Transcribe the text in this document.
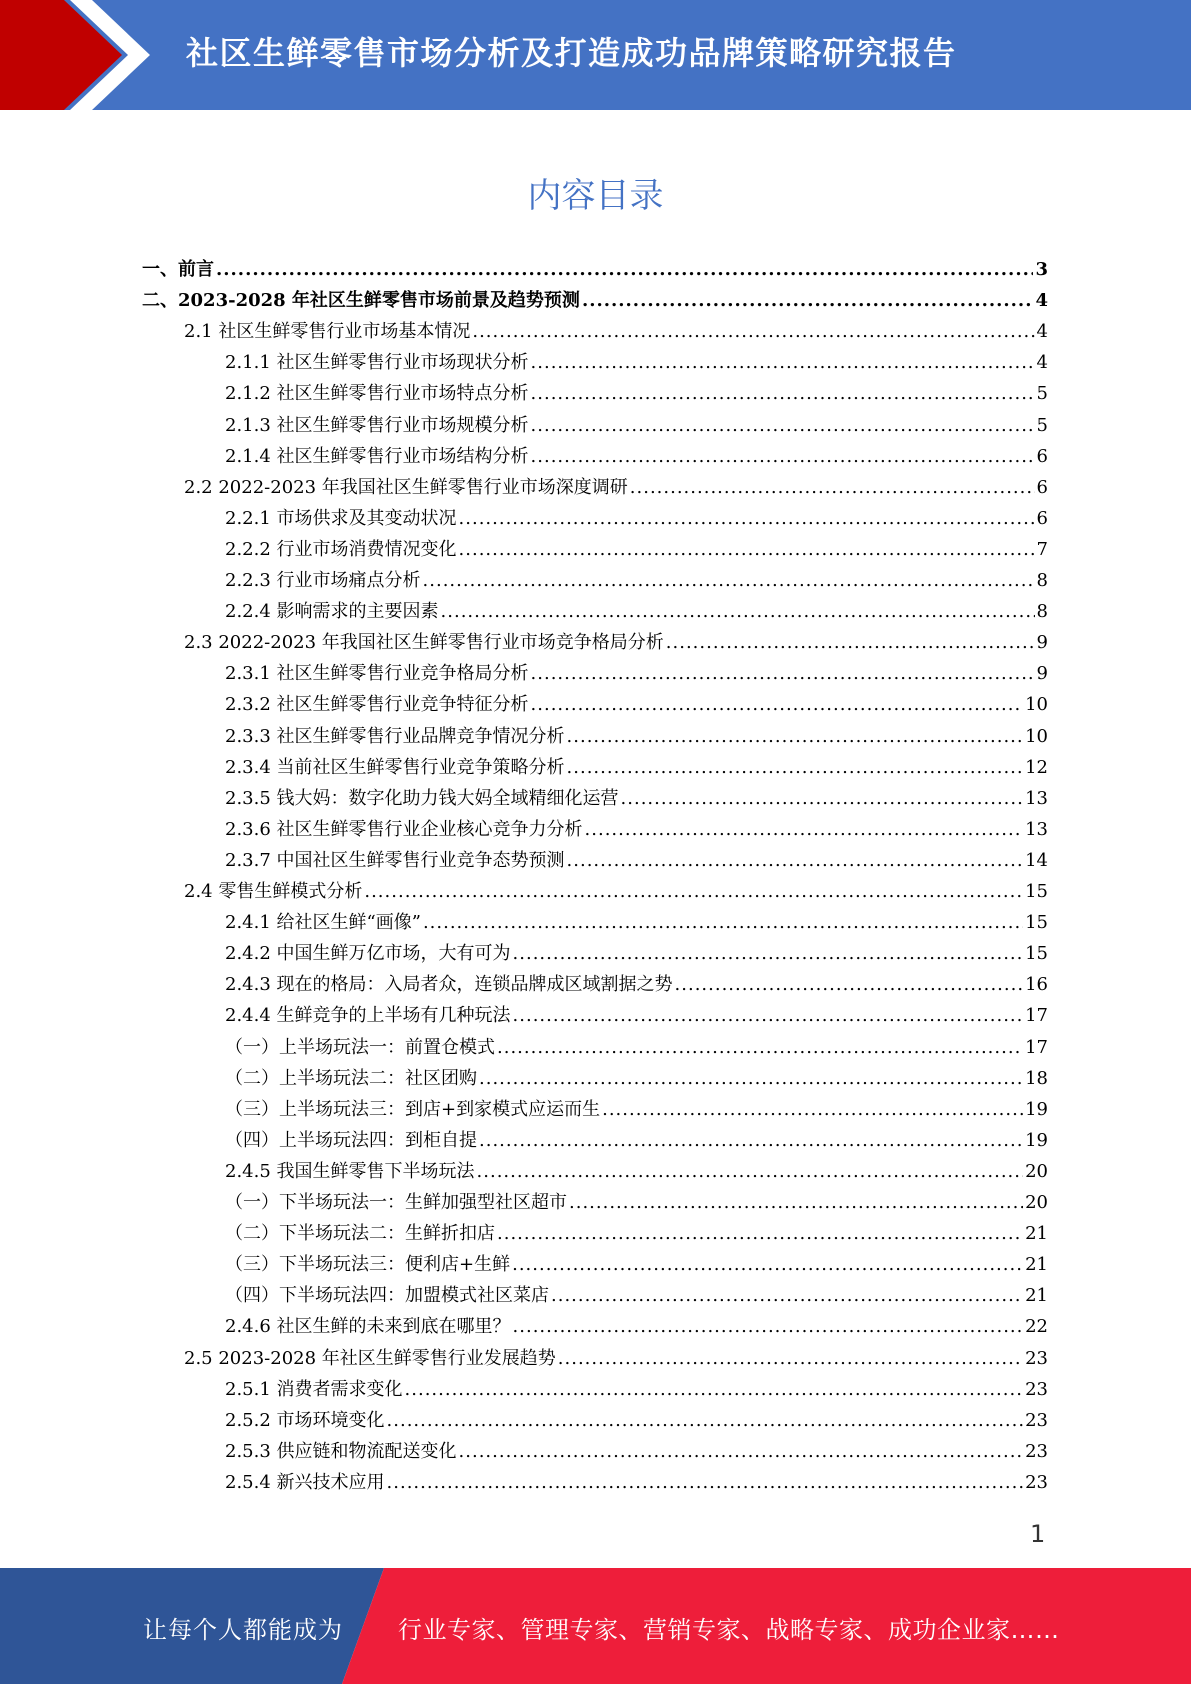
社区生鲜零售市场分析及打造成功品牌策略研究报告
内容目录
一、前言 .....	3
二、2023-2028 年社区生鲜零售市场前景及趋势预测 .....	4
2.1 社区生鲜零售行业市场基本情况 .....	4
2.1.1 社区生鲜零售行业市场现状分析 .....	4
2.1.2 社区生鲜零售行业市场特点分析 .....	5
2.1.3 社区生鲜零售行业市场规模分析 .....	5
2.1.4 社区生鲜零售行业市场结构分析 .....	6
2.2 2022-2023 年我国社区生鲜零售行业市场深度调研 .....	6
2.2.1 市场供求及其变动状况 .....	6
2.2.2 行业市场消费情况变化 .....	7
2.2.3 行业市场痛点分析 .....	8
2.2.4 影响需求的主要因素 .....	8
2.3 2022-2023 年我国社区生鲜零售行业市场竞争格局分析 .....	9
2.3.1 社区生鲜零售行业竞争格局分析 .....	9
2.3.2 社区生鲜零售行业竞争特征分析 .....	10
2.3.3 社区生鲜零售行业品牌竞争情况分析 .....	10
2.3.4 当前社区生鲜零售行业竞争策略分析 .....	12
2.3.5 钱大妈：数字化助力钱大妈全域精细化运营 .....	13
2.3.6 社区生鲜零售行业企业核心竞争力分析 .....	13
2.3.7 中国社区生鲜零售行业竞争态势预测 .....	14
2.4 零售生鲜模式分析 .....	15
2.4.1 给社区生鲜“画像” .....	15
2.4.2 中国生鲜万亿市场，大有可为 .....	15
2.4.3 现在的格局：入局者众，连锁品牌成区域割据之势 .....	16
2.4.4 生鲜竞争的上半场有几种玩法 .....	17
（一）上半场玩法一：前置仓模式 .....	17
（二）上半场玩法二：社区团购 .....	18
（三）上半场玩法三：到店+到家模式应运而生 .....	19
（四）上半场玩法四：到柜自提 .....	19
2.4.5 我国生鲜零售下半场玩法 .....	20
（一）下半场玩法一：生鲜加强型社区超市 .....	20
（二）下半场玩法二：生鲜折扣店 .....	21
（三）下半场玩法三：便利店+生鲜 .....	21
（四）下半场玩法四：加盟模式社区菜店 .....	21
2.4.6 社区生鲜的未来到底在哪里？ .....	22
2.5 2023-2028 年社区生鲜零售行业发展趋势 .....	23
2.5.1 消费者需求变化 .....	23
2.5.2 市场环境变化 .....	23
2.5.3 供应链和物流配送变化 .....	23
2.5.4 新兴技术应用 .....	23
1
让每个人都能成为 行业专家、管理专家、营销专家、战略专家、成功企业家……
